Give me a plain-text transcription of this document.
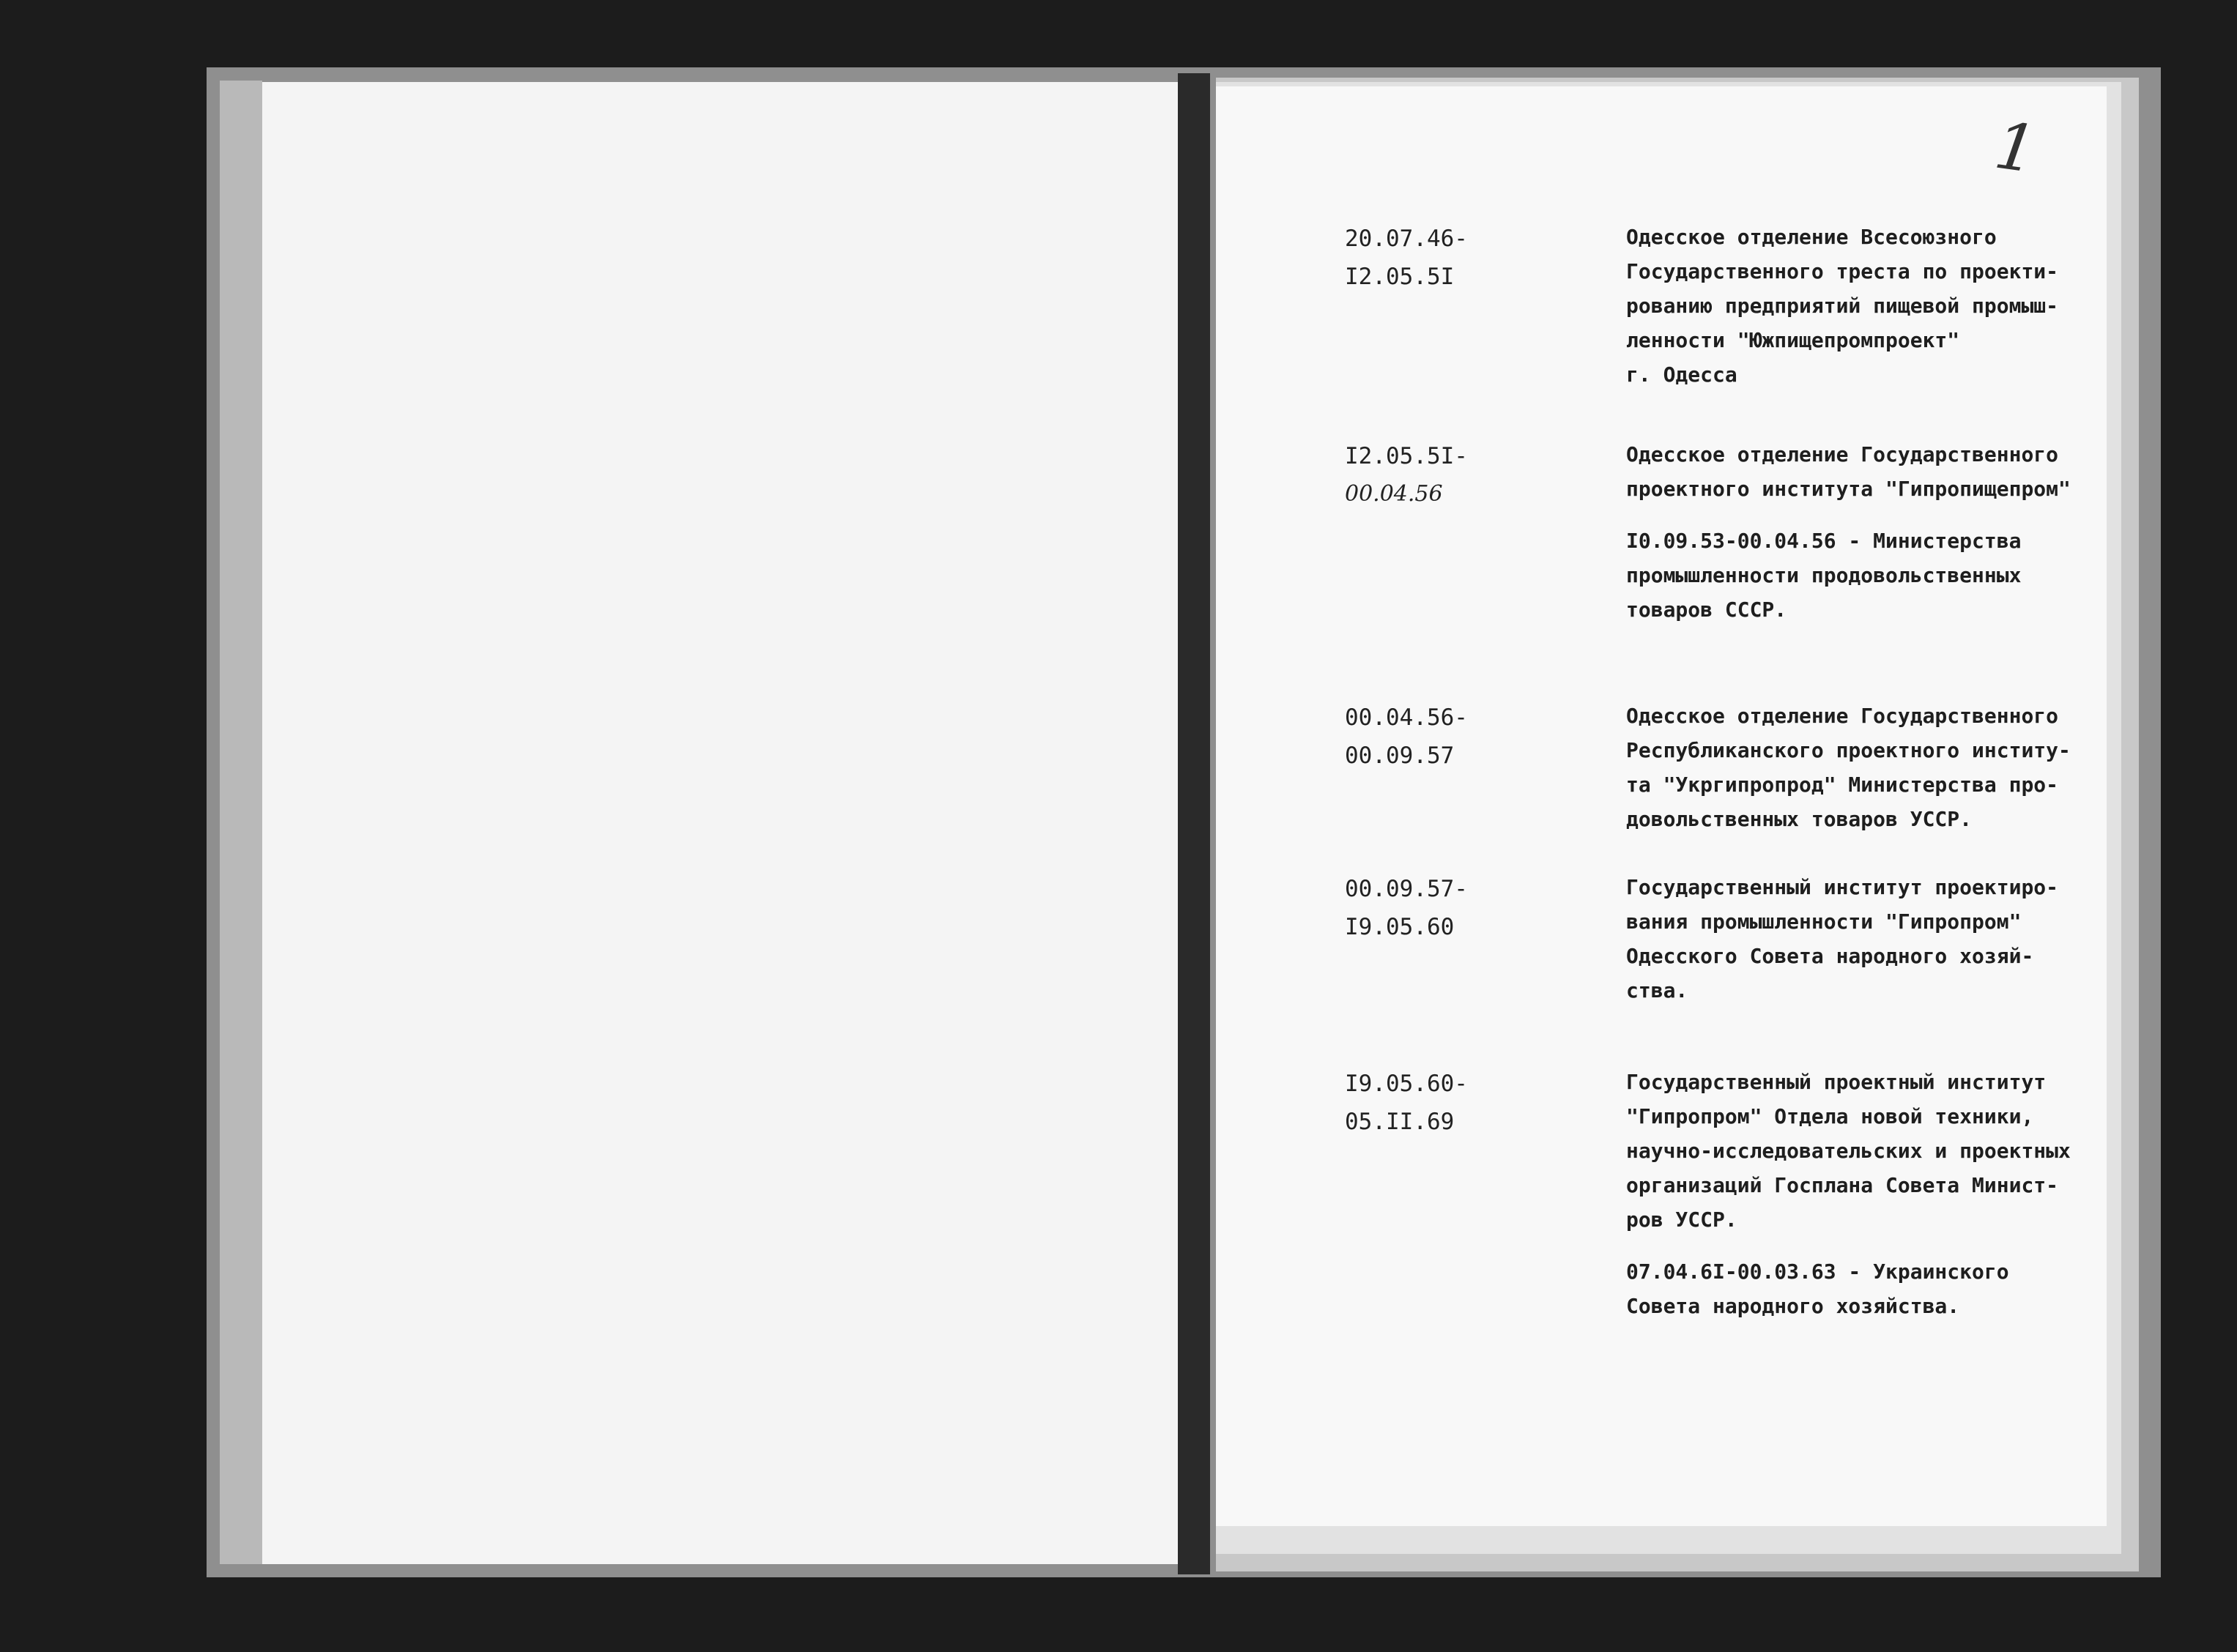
1
20.07.46-
I2.05.5I

Одесское отделение Всесоюзного
Государственного треста по проекти-
рованию предприятий пищевой промыш-
ленности "Южпищепромпроект"
г. Одесса

I2.05.5I-
00.04.56

Одесское отделение Государственного
проектного института "Гипропищепром"

I0.09.53-00.04.56 - Министерства
промышленности продовольственных
товаров СССР.

00.04.56-
00.09.57

Одесское отделение Государственного
Республиканского проектного институ-
та "Укргипропрод" Министерства про-
довольственных товаров УССР.

00.09.57-
I9.05.60

Государственный институт проектиро-
вания промышленности "Гипропром"
Одесского Совета народного хозяй-
ства.

I9.05.60-
05.II.69

Государственный проектный институт
"Гипропром" Отдела новой техники,
научно-исследовательских и проектных
организаций Госплана Совета Минист-
ров УССР.

07.04.6I-00.03.63 - Украинского
Совета народного хозяйства.
